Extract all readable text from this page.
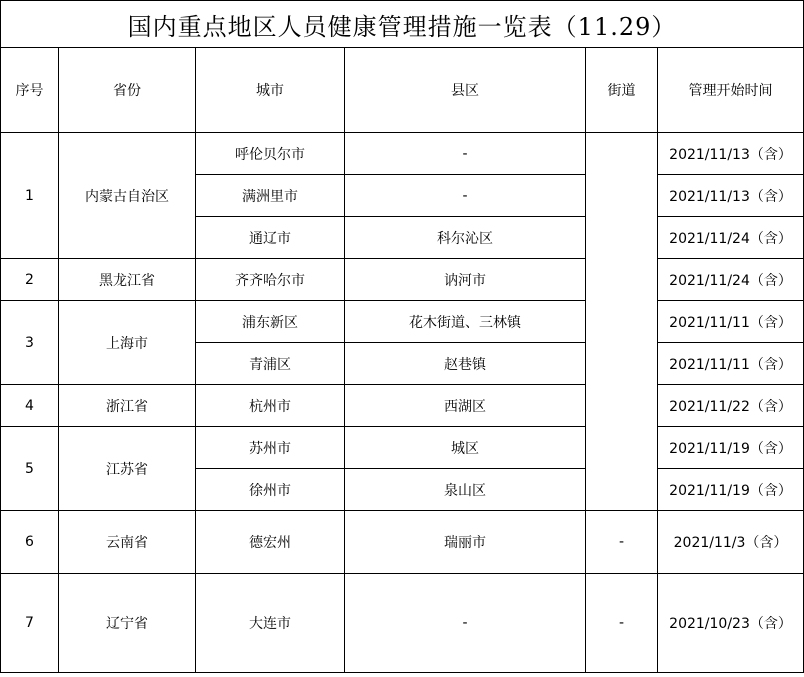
国内重点地区人员健康管理措施一览表（11.29）					
序号	省份	城市	县区	街道	管理开始时间
1	内蒙古自治区	呼伦贝尔市	-		2021/11/13（含）
		满洲里市	-		2021/11/13（含）
		通辽市	科尔沁区		2021/11/24（含）
2	黑龙江省	齐齐哈尔市	讷河市		2021/11/24（含）
3	上海市	浦东新区	花木街道、三林镇		2021/11/11（含）
		青浦区	赵巷镇		2021/11/11（含）
4	浙江省	杭州市	西湖区		2021/11/22（含）
5	江苏省	苏州市	城区		2021/11/19（含）
		徐州市	泉山区		2021/11/19（含）
6	云南省	德宏州	瑞丽市	-	2021/11/3（含）
7	辽宁省	大连市	-	-	2021/10/23（含）
